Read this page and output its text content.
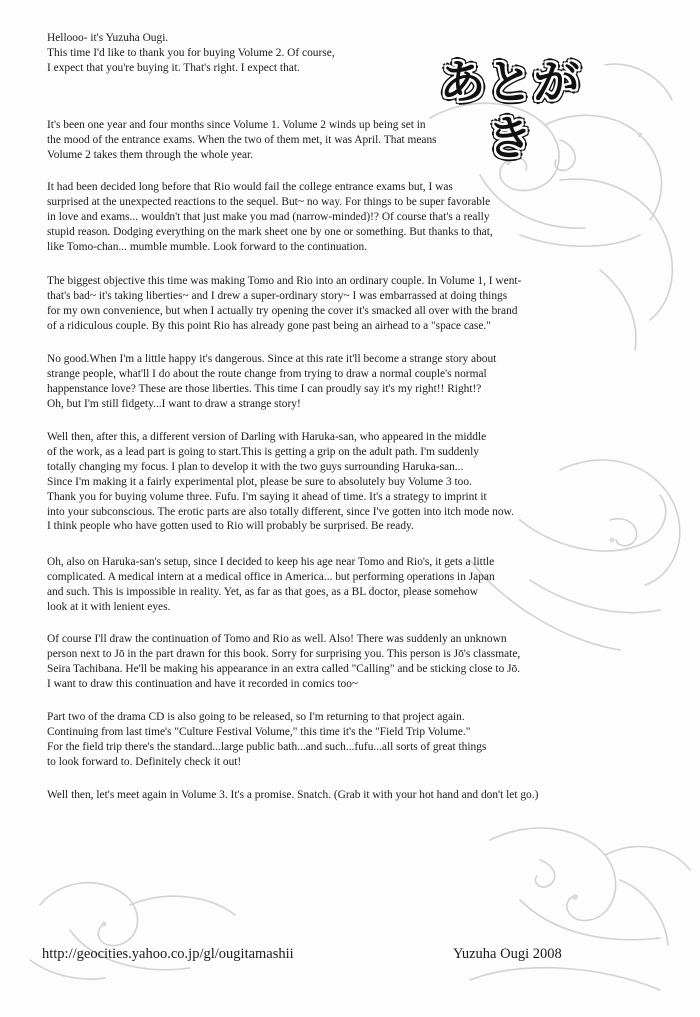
あとがき
Hellooo- it's Yuzuha Ougi.
This time I'd like to thank you for buying Volume 2. Of course,
I expect that you're buying it. That's right. I expect that.
It's been one year and four months since Volume 1. Volume 2 winds up being set in
the mood of the entrance exams. When the two of them met, it was April. That means
Volume 2 takes them through the whole year.
It had been decided long before that Rio would fail the college entrance exams but, I was
surprised at the unexpected reactions to the sequel. But~ no way. For things to be super favorable
in love and exams... wouldn't that just make you mad (narrow-minded)!? Of course that's a really
stupid reason. Dodging everything on the mark sheet one by one or something. But thanks to that,
like Tomo-chan... mumble mumble. Look forward to the continuation.
The biggest objective this time was making Tomo and Rio into an ordinary couple. In Volume 1, I went-
that's bad~ it's taking liberties~ and I drew a super-ordinary story~ I was embarrassed at doing things
for my own convenience, but when I actually try opening the cover it's smacked all over with the brand
of a ridiculous couple. By this point Rio has already gone past being an airhead to a "space case."
No good.When I'm a little happy it's dangerous. Since at this rate it'll become a strange story about
strange people, what'll I do about the route change from trying to draw a normal couple's normal
happenstance love? These are those liberties. This time I can proudly say it's my right!! Right!?
Oh, but I'm still fidgety...I want to draw a strange story!
Well then, after this, a different version of Darling with Haruka-san, who appeared in the middle
of the work, as a lead part is going to start.This is getting a grip on the adult path. I'm suddenly
totally changing my focus. I plan to develop it with the two guys surrounding Haruka-san...
Since I'm making it a fairly experimental plot, please be sure to absolutely buy Volume 3 too.
Thank you for buying volume three. Fufu. I'm saying it ahead of time. It's a strategy to imprint it
into your subconscious. The erotic parts are also totally different, since I've gotten into itch mode now.
I think people who have gotten used to Rio will probably be surprised. Be ready.
Oh, also on Haruka-san's setup, since I decided to keep his age near Tomo and Rio's, it gets a little
complicated. A medical intern at a medical office in America... but performing operations in Japan
and such. This is impossible in reality. Yet, as far as that goes, as a BL doctor, please somehow
look at it with lenient eyes.
Of course I'll draw the continuation of Tomo and Rio as well. Also! There was suddenly an unknown
person next to Jō in the part drawn for this book. Sorry for surprising you. This person is Jō's classmate,
Seira Tachibana. He'll be making his appearance in an extra called "Calling" and be sticking close to Jō.
I want to draw this continuation and have it recorded in comics too~
Part two of the drama CD is also going to be released, so I'm returning to that project again.
Continuing from last time's "Culture Festival Volume," this time it's the "Field Trip Volume."
For the field trip there's the standard...large public bath...and such...fufu...all sorts of great things
to look forward to. Definitely check it out!
Well then, let's meet again in Volume 3. It's a promise. Snatch. (Grab it with your hot hand and don't let go.)
http://geocities.yahoo.co.jp/gl/ougitamashii	Yuzuha Ougi 2008
